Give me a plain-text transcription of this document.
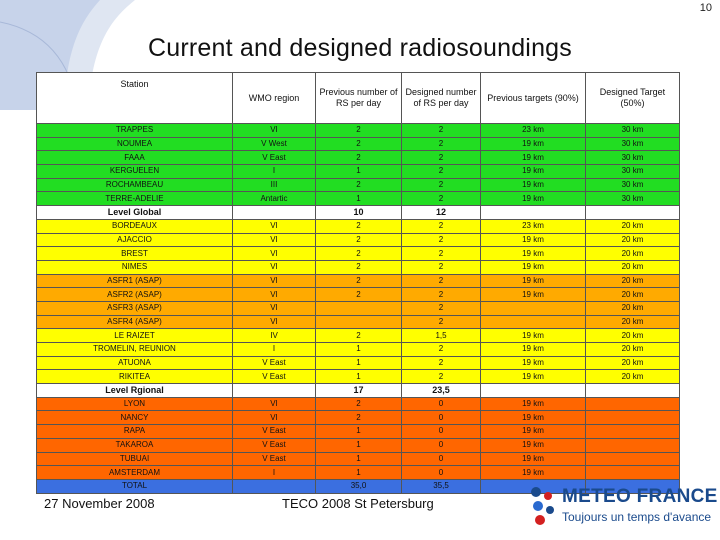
10
Current and designed radiosoundings
Station	WMO region	Previous number of RS per day	Designed number of RS per day	Previous targets (90%)	Designed Target (50%)
TRAPPES	VI	2	2	23 km	30 km
NOUMEA	V West	2	2	19 km	30 km
FAAA	V East	2	2	19 km	30 km
KERGUELEN	I	1	2	19 km	30 km
ROCHAMBEAU	III	2	2	19 km	30 km
TERRE-ADELIE	Antartic	1	2	19 km	30 km
Level Global		10	12		
BORDEAUX	VI	2	2	23 km	20 km
AJACCIO	VI	2	2	19 km	20 km
BREST	VI	2	2	19 km	20 km
NIMES	VI	2	2	19 km	20 km
ASFR1 (ASAP)	VI	2	2	19 km	20 km
ASFR2 (ASAP)	VI	2	2	19 km	20 km
ASFR3 (ASAP)	VI		2		20 km
ASFR4 (ASAP)	VI		2		20 km
LE RAIZET	IV	2	1,5	19 km	20 km
TROMELIN, REUNION	I	1	2	19 km	20 km
ATUONA	V East	1	2	19 km	20 km
RIKITEA	V East	1	2	19 km	20 km
Level Rgional		17	23,5		
LYON	VI	2	0	19 km	
NANCY	VI	2	0	19 km	
RAPA	V East	1	0	19 km	
TAKAROA	V East	1	0	19 km	
TUBUAI	V East	1	0	19 km	
AMSTERDAM	I	1	0	19 km	
TOTAL		35,0	35,5		
27 November 2008	TECO 2008 St Petersburg	METEO FRANCE
Toujours un temps d'avance
